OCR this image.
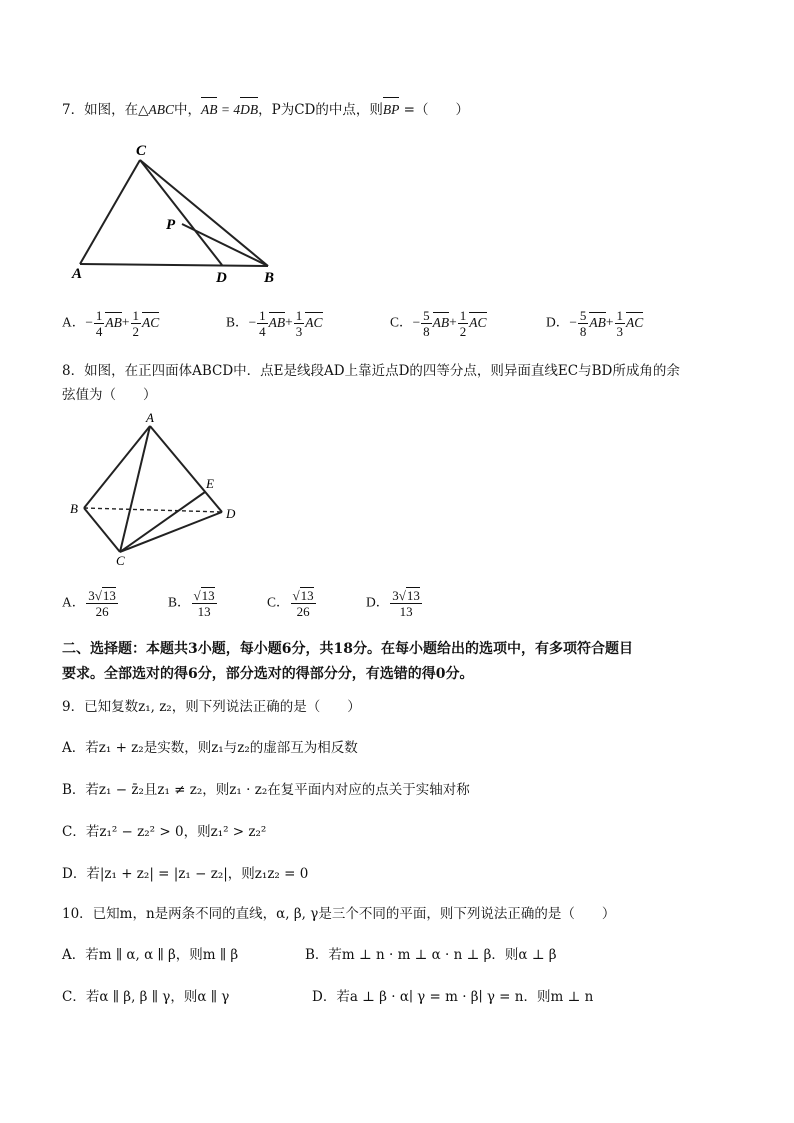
7．如图，在△ABC中，AB = 4DB，P为CD的中点，则BP =（　　）
C
P
A	D B
A．− $\frac{1}{4} AB+ \frac{1}{2}$ AC	B．− $\frac{1}{4} AB+ \frac{1}{3}$ AC	C．− $\frac{5}{8} AB+ \frac{1}{2}$ AC	D．− $\frac{5}{8} AB+ \frac{1}{3}$ AC
8．如图，在正四面体ABCD中．点E是线段AD上靠近点D的四等分点，则异面直线EC与BD所成角的余
弦值为（　　）
A
B
C
D
E
A． $\frac{3√13}{26}$	B． $\frac{√13}{13}$	C． $\frac{√13}{26}$	D． $\frac{3√13}{13}$
二、选择题：本题共3小题，每小题6分，共18分。在每小题给出的选项中，有多项符合题目
要求。全部选对的得6分，部分选对的得部分分，有选错的得0分。
9．已知复数z₁, z₂，则下列说法正确的是（　　）
A．若z₁ + z₂是实数，则z₁与z₂的虚部互为相反数
B．若z₁ − z̄₂且z₁ ≠ z₂，则z₁ · z₂在复平面内对应的点关于实轴对称
C．若z₁² − z₂² > 0，则z₁² > z₂²
D．若|z₁ + z₂| = |z₁ − z₂|，则z₁z₂ = 0
10．已知m，n是两条不同的直线，α, β, γ是三个不同的平面，则下列说法正确的是（　　）
A．若m ∥ α, α ∥ β，则m ∥ β	B．若m ⊥ n · m ⊥ α · n ⊥ β．则α ⊥ β
C．若α ∥ β, β ∥ γ，则α ∥ γ	D．若a ⊥ β · α∣ γ = m · β∣ γ = n．则m ⊥ n
